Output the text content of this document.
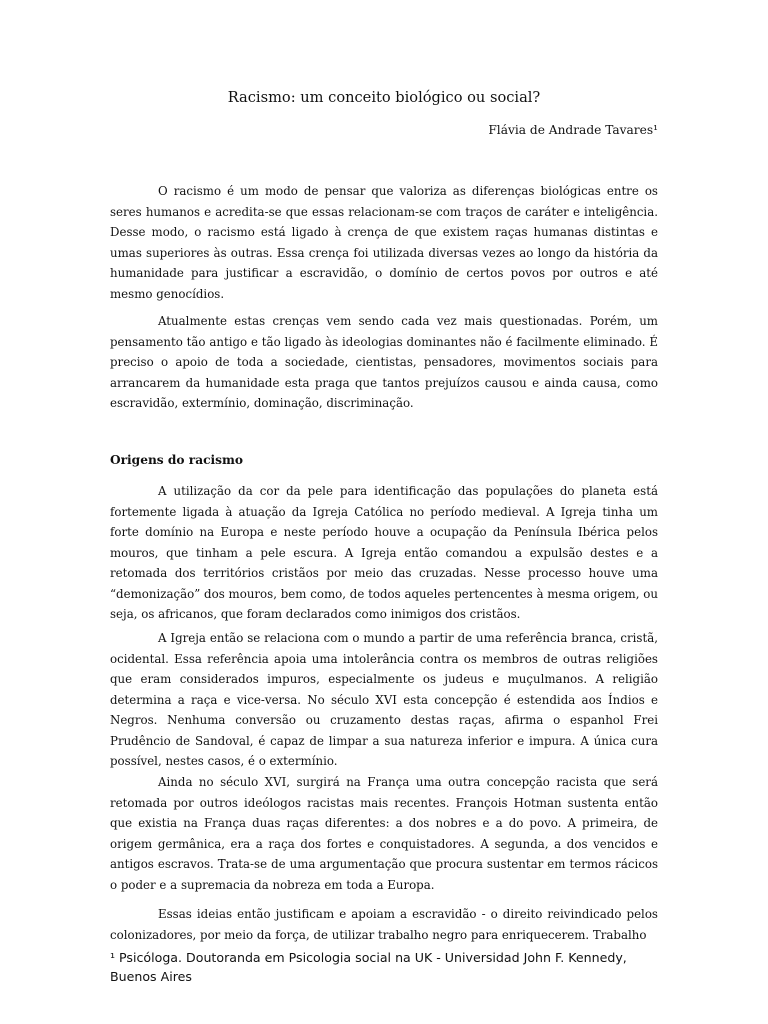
Racismo: um conceito biológico ou social?
Flávia de Andrade Tavares¹

O racismo é um modo de pensar que valoriza as diferenças biológicas entre os seres humanos e acredita-se que essas relacionam-se com traços de caráter e inteligência. Desse modo, o racismo está ligado à crença de que existem raças humanas distintas e umas superiores às outras. Essa crença foi utilizada diversas vezes ao longo da história da humanidade para justificar a escravidão, o domínio de certos povos por outros e até mesmo genocídios.

Atualmente estas crenças vem sendo cada vez mais questionadas. Porém, um pensamento tão antigo e tão ligado às ideologias dominantes não é facilmente eliminado. É preciso o apoio de toda a sociedade, cientistas, pensadores, movimentos sociais para arrancarem da humanidade esta praga que tantos prejuízos causou e ainda causa, como escravidão, extermínio, dominação, discriminação.

Origens do racismo

A utilização da cor da pele para identificação das populações do planeta está fortemente ligada à atuação da Igreja Católica no período medieval. A Igreja tinha um forte domínio na Europa e neste período houve a ocupação da Península Ibérica pelos mouros, que tinham a pele escura. A Igreja então comandou a expulsão destes e a retomada dos territórios cristãos por meio das cruzadas. Nesse processo houve uma “demonização” dos mouros, bem como, de todos aqueles pertencentes à mesma origem, ou seja, os africanos, que foram declarados como inimigos dos cristãos.

A Igreja então se relaciona com o mundo a partir de uma referência branca, cristã, ocidental. Essa referência apoia uma intolerância contra os membros de outras religiões que eram considerados impuros, especialmente os judeus e muçulmanos. A religião determina a raça e vice-versa. No século XVI esta concepção é estendida aos Índios e Negros. Nenhuma conversão ou cruzamento destas raças, afirma o espanhol Frei Prudêncio de Sandoval, é capaz de limpar a sua natureza inferior e impura. A única cura possível, nestes casos, é o extermínio.

Ainda no século XVI, surgirá na França uma outra concepção racista que será retomada por outros ideólogos racistas mais recentes. François Hotman sustenta então que existia na França duas raças diferentes: a dos nobres e a do povo. A primeira, de origem germânica, era a raça dos fortes e conquistadores. A segunda, a dos vencidos e antigos escravos. Trata-se de uma argumentação que procura sustentar em termos rácicos o poder e a supremacia da nobreza em toda a Europa.

Essas ideias então justificam e apoiam a escravidão - o direito reivindicado pelos colonizadores, por meio da força, de utilizar trabalho negro para enriquecerem. Trabalho

¹ Psicóloga. Doutoranda em Psicologia social na UK - Universidad John F. Kennedy, Buenos Aires
